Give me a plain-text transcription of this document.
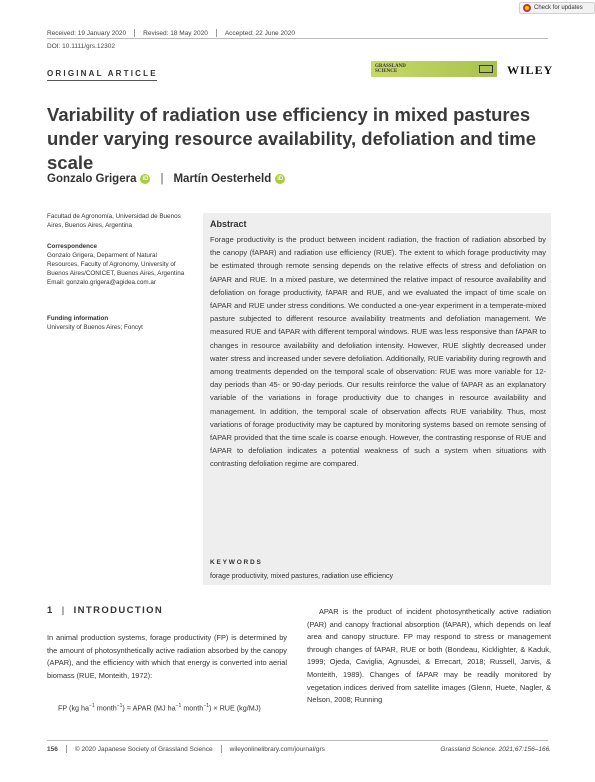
Check for updates
Received: 19 January 2020	Revised: 18 May 2020	Accepted: 22 June 2020
DOI: 10.1111/grs.12302
ORIGINAL ARTICLE
GRASSLAND
SCIENCE	WILEY
Variability of radiation use efficiency in mixed pastures under varying resource availability, defoliation and time scale
Gonzalo Grigera	iD | Martín Oesterheld	iD
Facultad de Agronomía, Universidad de Buenos Aires, Buenos Aires, Argentina
Correspondence
Gonzalo Grigera, Deparment of Natural Resources, Faculty of Agronomy, University of Buenos Aires/CONICET, Buenos Aires, Argentina
Email: gonzalo.grigera@agidea.com.ar
Funding information
University of Buenos Aires; Foncyt
Abstract

Forage productivity is the product between incident radiation, the fraction of radiation absorbed by the canopy (fAPAR) and radiation use efficiency (RUE). The extent to which forage productivity may be estimated through remote sensing depends on the relative effects of stress and defoliation on fAPAR and RUE. In a mixed pasture, we determined the relative impact of resource availability and defoliation on forage productivity, fAPAR and RUE, and we evaluated the impact of time scale on fAPAR and RUE under stress conditions. We conducted a one-year experiment in a temperate-mixed pasture subjected to different resource availability treatments and defoliation management. We measured RUE and fAPAR with different temporal windows. RUE was less responsive than fAPAR to changes in resource availability and defoliation intensity. However, RUE slightly decreased under water stress and increased under severe defoliation. Additionally, RUE variability during regrowth and among treatments depended on the temporal scale of observation: RUE was more variable for 12-day periods than 45- or 90-day periods. Our results reinforce the value of fAPAR as an explanatory variable of the variations in forage productivity due to changes in resource availability and management. In addition, the temporal scale of observation affects RUE variability. Thus, most variations of forage productivity may be captured by monitoring systems based on remote sensing of fAPAR provided that the time scale is coarse enough. However, the contrasting response of RUE and fAPAR to defoliation indicates a potential weakness of such a system when situations with contrasting defoliation regime are compared.

KEYWORDS
forage productivity, mixed pastures, radiation use efficiency
1 | INTRODUCTION

In animal production systems, forage productivity (FP) is determined by the amount of photosynthetically active radiation absorbed by the canopy (APAR), and the efficiency with which that energy is converted into aerial biomass (RUE, Monteith, 1972):

FP (kg $ha^{-1}$ month$^{-1}$) = APAR (MJ $ha^{-1}$ month$^{-1}$) × RUE (kg/MJ)

APAR is the product of incident photosynthetically active radiation (PAR) and canopy fractional absorption (fAPAR), which depends on leaf area and canopy structure. FP may respond to stress or management through changes of fAPAR, RUE or both (Bondeau, Kicklighter, & Kaduk, 1999; Ojeda, Caviglia, Agnusdei, & Errecart, 2018; Russell, Jarvis, & Monteith, 1989). Changes of fAPAR may be readily monitored by vegetation indices derived from satellite images (Glenn, Huete, Nagler, & Nelson, 2008; Running

156	© 2020 Japanese Society of Grassland Science	wileyonlinelibrary.com/journal/grs	Grassland Science. 2021;67:156–166.
